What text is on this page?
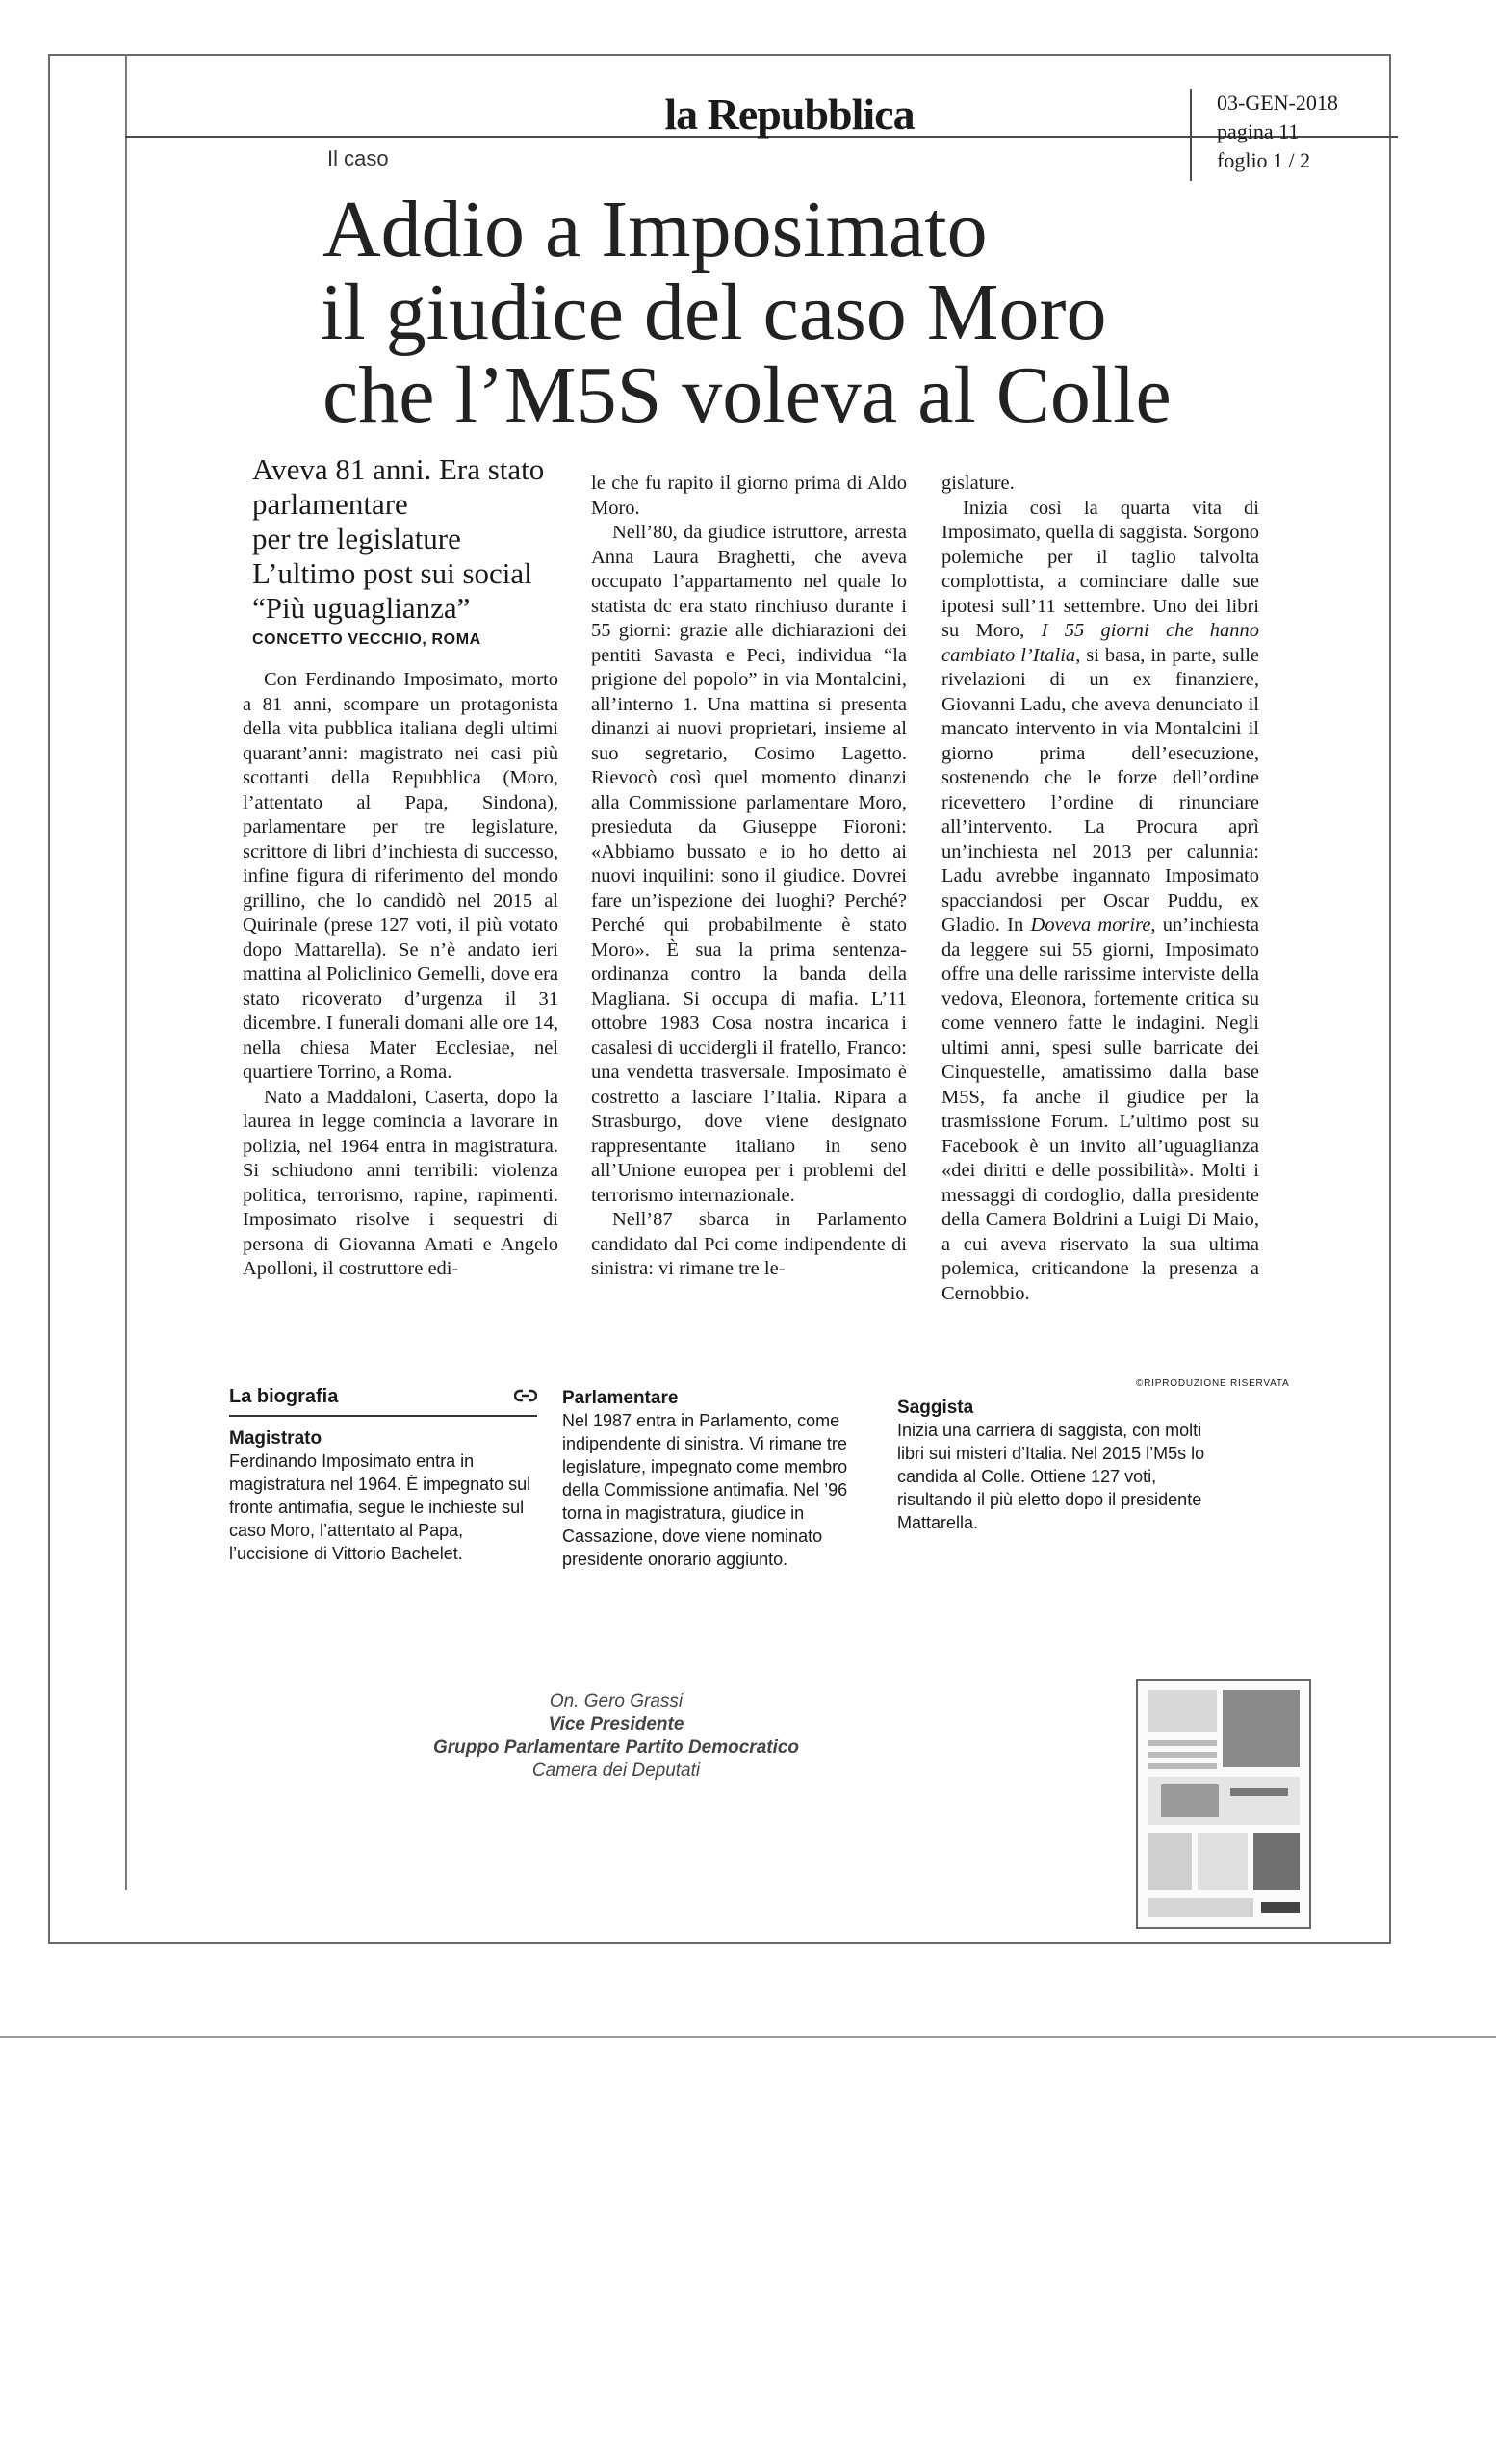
la Repubblica	03-GEN-2018
pagina 11
foglio 1 / 2
Il caso
Addio a Imposimato
il giudice del caso Moro
che l’M5S voleva al Colle
Aveva 81 anni. Era stato
parlamentare
per tre legislature
L’ultimo post sui social
“Più uguaglianza”
CONCETTO VECCHIO, ROMA

Con Ferdinando Imposimato, morto a 81 anni, scompare un protagonista della vita pubblica italiana degli ultimi quarant’anni: magistrato nei casi più scottanti della Repubblica (Moro, l’attentato al Papa, Sindona), parlamentare per tre legislature, scrittore di libri d’inchiesta di successo, infine figura di riferimento del mondo grillino, che lo candidò nel 2015 al Quirinale (prese 127 voti, il più votato dopo Mattarella). Se n’è andato ieri mattina al Policlinico Gemelli, dove era stato ricoverato d’urgenza il 31 dicembre. I funerali domani alle ore 14, nella chiesa Mater Ecclesiae, nel quartiere Torrino, a Roma.

Nato a Maddaloni, Caserta, dopo la laurea in legge comincia a lavorare in polizia, nel 1964 entra in magistratura. Si schiudono anni terribili: violenza politica, terrorismo, rapine, rapimenti. Imposimato risolve i sequestri di persona di Giovanna Amati e Angelo Apolloni, il costruttore edi-

le che fu rapito il giorno prima di Aldo Moro.

Nell’80, da giudice istruttore, arresta Anna Laura Braghetti, che aveva occupato l’appartamento nel quale lo statista dc era stato rinchiuso durante i 55 giorni: grazie alle dichiarazioni dei pentiti Savasta e Peci, individua “la prigione del popolo” in via Montalcini, all’interno 1. Una mattina si presenta dinanzi ai nuovi proprietari, insieme al suo segretario, Cosimo Lagetto. Rievocò così quel momento dinanzi alla Commissione parlamentare Moro, presieduta da Giuseppe Fioroni: «Abbiamo bussato e io ho detto ai nuovi inquilini: sono il giudice. Dovrei fare un’ispezione dei luoghi? Perché? Perché qui probabilmente è stato Moro». È sua la prima sentenza-ordinanza contro la banda della Magliana. Si occupa di mafia. L’11 ottobre 1983 Cosa nostra incarica i casalesi di uccidergli il fratello, Franco: una vendetta trasversale. Imposimato è costretto a lasciare l’Italia. Ripara a Strasburgo, dove viene designato rappresentante italiano in seno all’Unione europea per i problemi del terrorismo internazionale.

Nell’87 sbarca in Parlamento candidato dal Pci come indipendente di sinistra: vi rimane tre le-

gislature.

Inizia così la quarta vita di Imposimato, quella di saggista. Sorgono polemiche per il taglio talvolta complottista, a cominciare dalle sue ipotesi sull’11 settembre. Uno dei libri su Moro, I 55 giorni che hanno cambiato l’Italia, si basa, in parte, sulle rivelazioni di un ex finanziere, Giovanni Ladu, che aveva denunciato il mancato intervento in via Montalcini il giorno prima dell’esecuzione, sostenendo che le forze dell’ordine ricevettero l’ordine di rinunciare all’intervento. La Procura aprì un’inchiesta nel 2013 per calunnia: Ladu avrebbe ingannato Imposimato spacciandosi per Oscar Puddu, ex Gladio. In Doveva morire, un’inchiesta da leggere sui 55 giorni, Imposimato offre una delle rarissime interviste della vedova, Eleonora, fortemente critica su come vennero fatte le indagini. Negli ultimi anni, spesi sulle barricate dei Cinquestelle, amatissimo dalla base M5S, fa anche il giudice per la trasmissione Forum. L’ultimo post su Facebook è un invito all’uguaglianza «dei diritti e delle possibilità». Molti i messaggi di cordoglio, dalla presidente della Camera Boldrini a Luigi Di Maio, a cui aveva riservato la sua ultima polemica, criticandone la presenza a Cernobbio.

©RIPRODUZIONE RISERVATA
La biografia
Magistrato
Ferdinando Imposimato entra in magistratura nel 1964. È impegnato sul fronte antimafia, segue le inchieste sul caso Moro, l’attentato al Papa, l’uccisione di Vittorio Bachelet.
Parlamentare
Nel 1987 entra in Parlamento, come indipendente di sinistra. Vi rimane tre legislature, impegnato come membro della Commissione antimafia. Nel ’96 torna in magistratura, giudice in Cassazione, dove viene nominato presidente onorario aggiunto.
Saggista
Inizia una carriera di saggista, con molti libri sui misteri d’Italia. Nel 2015 l’M5s lo candida al Colle. Ottiene 127 voti, risultando il più eletto dopo il presidente Mattarella.
On. Gero Grassi
Vice Presidente
Gruppo Parlamentare Partito Democratico
Camera dei Deputati
